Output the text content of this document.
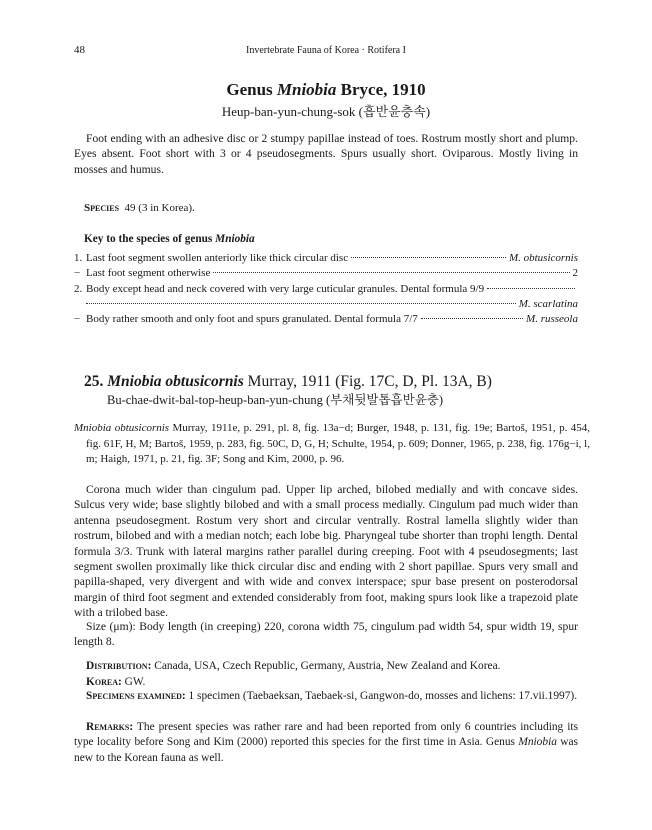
48	Invertebrate Fauna of Korea · Rotifera I
Genus Mniobia Bryce, 1910
Heup-ban-yun-chung-sok (흡반윤충속)
Foot ending with an adhesive disc or 2 stumpy papillae instead of toes. Rostrum mostly short and plump. Eyes absent. Foot short with 3 or 4 pseudosegments. Spurs usually short. Oviparous. Mostly living in mosses and humus.
Species 49 (3 in Korea).
Key to the species of genus Mniobia
1. Last foot segment swollen anteriorly like thick circular disc	M. obtusicornis
− Last foot segment otherwise	2
2. Body except head and neck covered with very large cuticular granules. Dental formula 9/9
M. scarlatina
− Body rather smooth and only foot and spurs granulated. Dental formula 7/7	M. russeola
25. Mniobia obtusicornis Murray, 1911 (Fig. 17C, D, Pl. 13A, B)
Bu-chae-dwit-bal-top-heup-ban-yun-chung (부채뒷발톱흡반윤충)
Mniobia obtusicornis Murray, 1911e, p. 291, pl. 8, fig. 13a−d; Burger, 1948, p. 131, fig. 19e; Bartoš, 1951, p. 454, fig. 61F, H, M; Bartoš, 1959, p. 283, fig. 50C, D, G, H; Schulte, 1954, p. 609; Donner, 1965, p. 238, fig. 176g−i, l, m; Haigh, 1971, p. 21, fig. 3F; Song and Kim, 2000, p. 96.
Corona much wider than cingulum pad. Upper lip arched, bilobed medially and with concave sides. Sulcus very wide; base slightly bilobed and with a small process medially. Cingulum pad much wider than antenna pseudosegment. Rostum very short and circular ventrally. Rostral lamella slightly wider than rostrum, bilobed and with a median notch; each lobe big. Pharyngeal tube shorter than trophi length. Dental formula 3/3. Trunk with lateral margins rather parallel during creeping. Foot with 4 pseudosegments; last segment swollen proximally like thick circular disc and ending with 2 short papillae. Spurs very small and papilla-shaped, very divergent and with wide and convex interspace; spur base present on posterodorsal margin of third foot segment and extended considerably from foot, making spurs look like a trapezoid plate with a trilobed base.
Size (μm): Body length (in creeping) 220, corona width 75, cingulum pad width 54, spur width 19, spur length 8.
Distribution: Canada, USA, Czech Republic, Germany, Austria, New Zealand and Korea.
Korea: GW.
Specimens examined: 1 specimen (Taebaeksan, Taebaek-si, Gangwon-do, mosses and lichens: 17.vii.1997).
Remarks: The present species was rather rare and had been reported from only 6 countries including its type locality before Song and Kim (2000) reported this species for the first time in Asia. Genus Mniobia was new to the Korean fauna as well.
